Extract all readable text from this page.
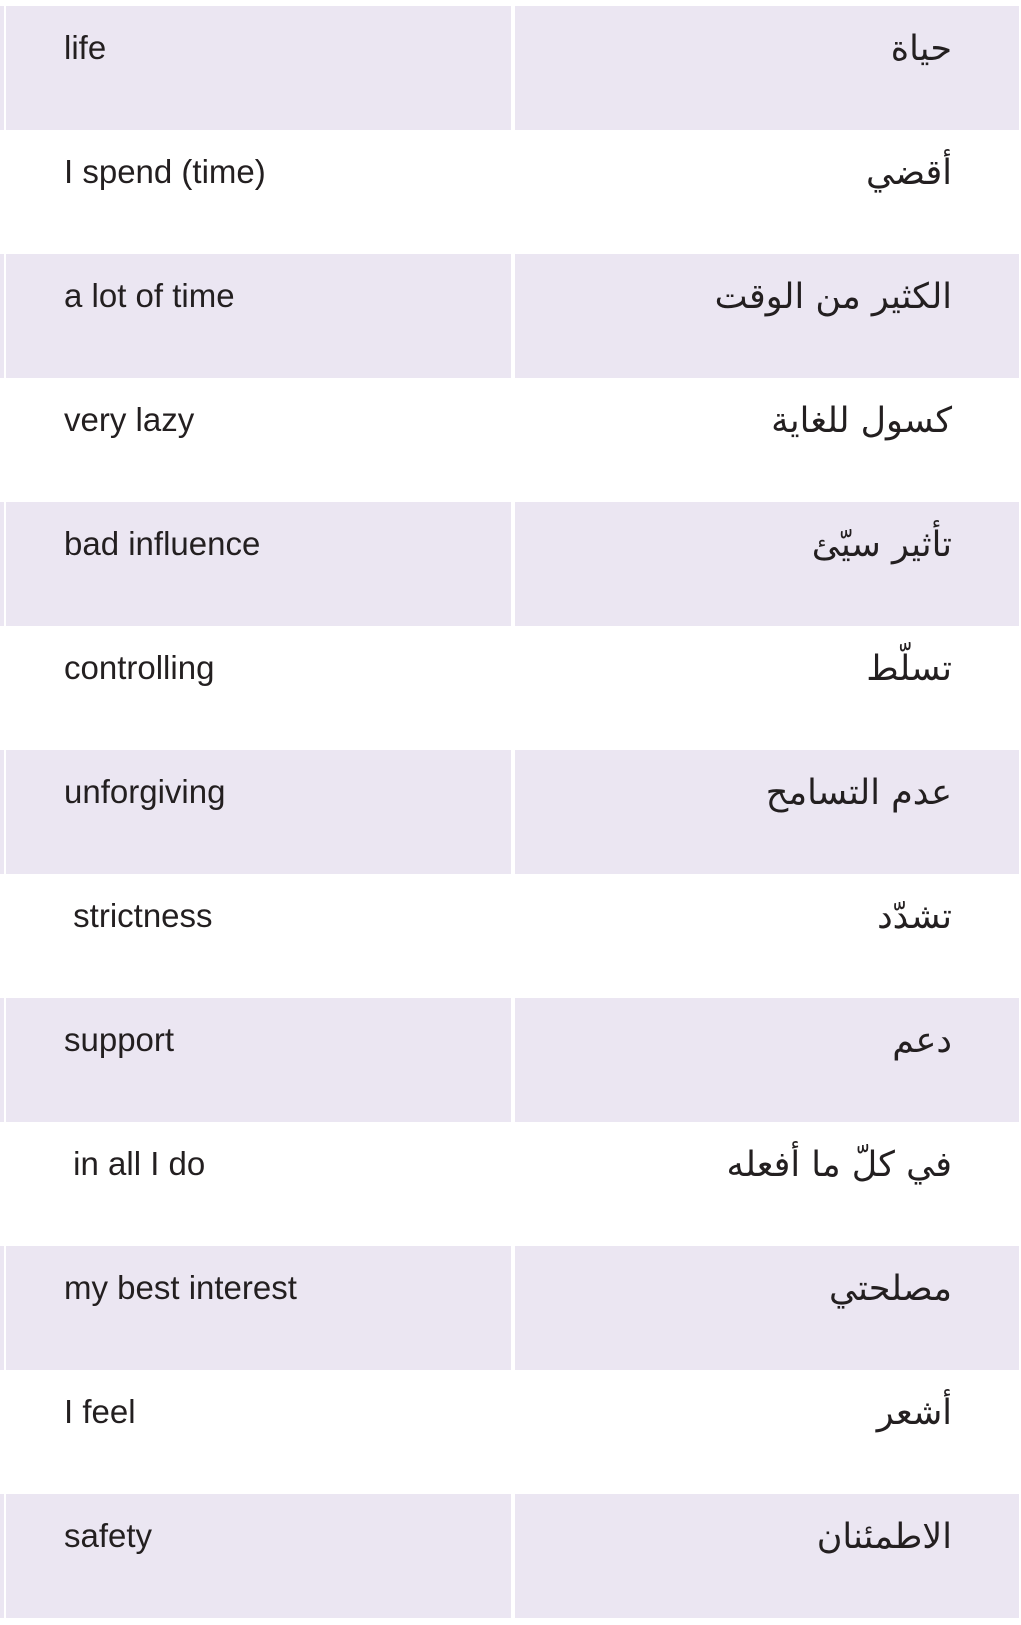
life	حياة
I spend (time)	أقضي
a lot of time	الكثير من الوقت
very lazy	كسول للغاية
bad influence	تأثير سيّئ
controlling	تسلّط
unforgiving	عدم التسامح
strictness	تشدّد
support	دعم
in all I do	في كلّ ما أفعله
my best interest	مصلحتي
I feel	أشعر
safety	الاطمئنان
